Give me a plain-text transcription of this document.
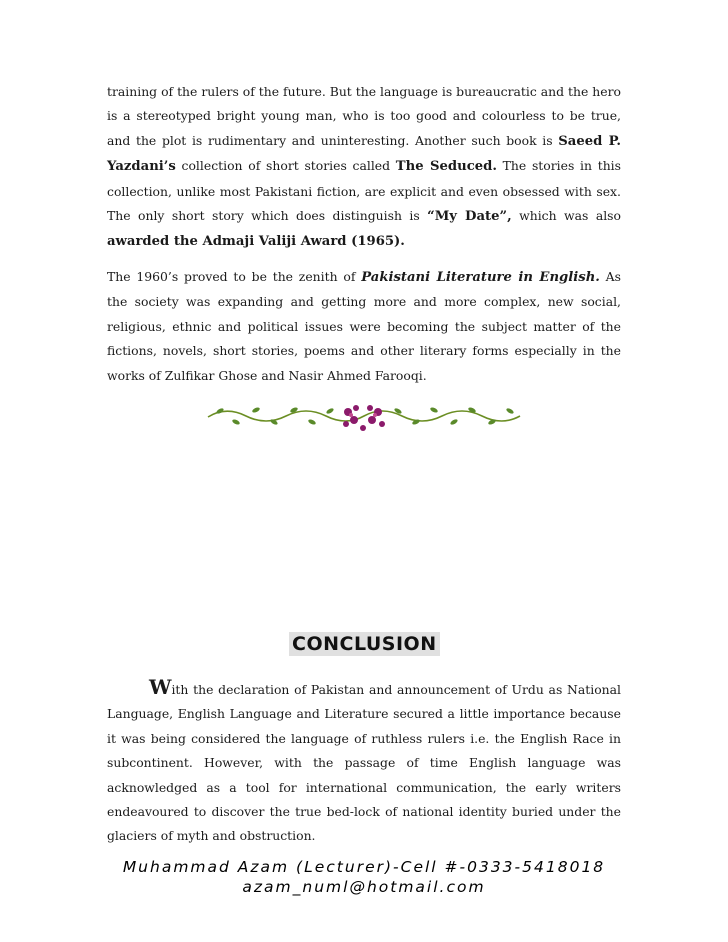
training of the rulers of the future. But the language is bureaucratic and the hero is a stereotyped bright young man, who is too good and colourless to be true, and the plot is rudimentary and uninteresting. Another such book is Saeed P. Yazdani’s collection of short stories called The Seduced. The stories in this collection, unlike most Pakistani fiction, are explicit and even obsessed with sex. The only short story which does distinguish is “My Date”, which was also awarded the Admaji Valiji Award (1965).

The 1960’s proved to be the zenith of Pakistani Literature in English. As the society was expanding and getting more and more complex, new social, religious, ethnic and political issues were becoming the subject matter of the fictions, novels, short stories, poems and other literary forms especially in the works of Zulfikar Ghose and Nasir Ahmed Farooqi.

CONCLUSION

With the declaration of Pakistan and announcement of Urdu as National Language, English Language and Literature secured a little importance because it was being considered the language of ruthless rulers i.e. the English Race in subcontinent. However, with the passage of time English language was acknowledged as a tool for international communication, the early writers endeavoured to discover the true bed-lock of national identity buried under the glaciers of myth and obstruction.

Muhammad Azam (Lecturer)-Cell #-0333-5418018
azam_numl@hotmail.com
